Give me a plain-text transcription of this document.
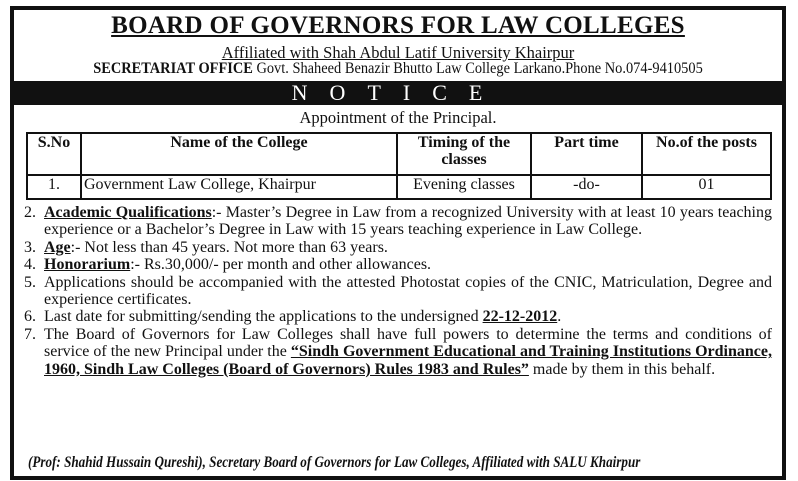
BOARD OF GOVERNORS FOR LAW COLLEGES
Affiliated with Shah Abdul Latif University Khairpur
SECRETARIAT OFFICE Govt. Shaheed Benazir Bhutto Law College Larkano.Phone No.074-9410505
NOTICE
Appointment of the Principal.
S.No	Name of the College	Timing of the classes	Part time	No.of the posts
1.	Government Law College, Khairpur	Evening classes	-do-	01
2. Academic Qualifications:- Master’s Degree in Law from a recognized University with at least 10 years teaching experience or a Bachelor’s Degree in Law with 15 years teaching experience in Law College.
3. Age:- Not less than 45 years. Not more than 63 years.
4. Honorarium:- Rs.30,000/- per month and other allowances.
5. Applications should be accompanied with the attested Photostat copies of the CNIC, Matriculation, Degree and experience certificates.
6. Last date for submitting/sending the applications to the undersigned 22-12-2012.
7. The Board of Governors for Law Colleges shall have full powers to determine the terms and conditions of service of the new Principal under the “Sindh Government Educational and Training Institutions Ordinance, 1960, Sindh Law Colleges (Board of Governors) Rules 1983 and Rules” made by them in this behalf.
(Prof: Shahid Hussain Qureshi), Secretary Board of Governors for Law Colleges, Affiliated with SALU Khairpur
